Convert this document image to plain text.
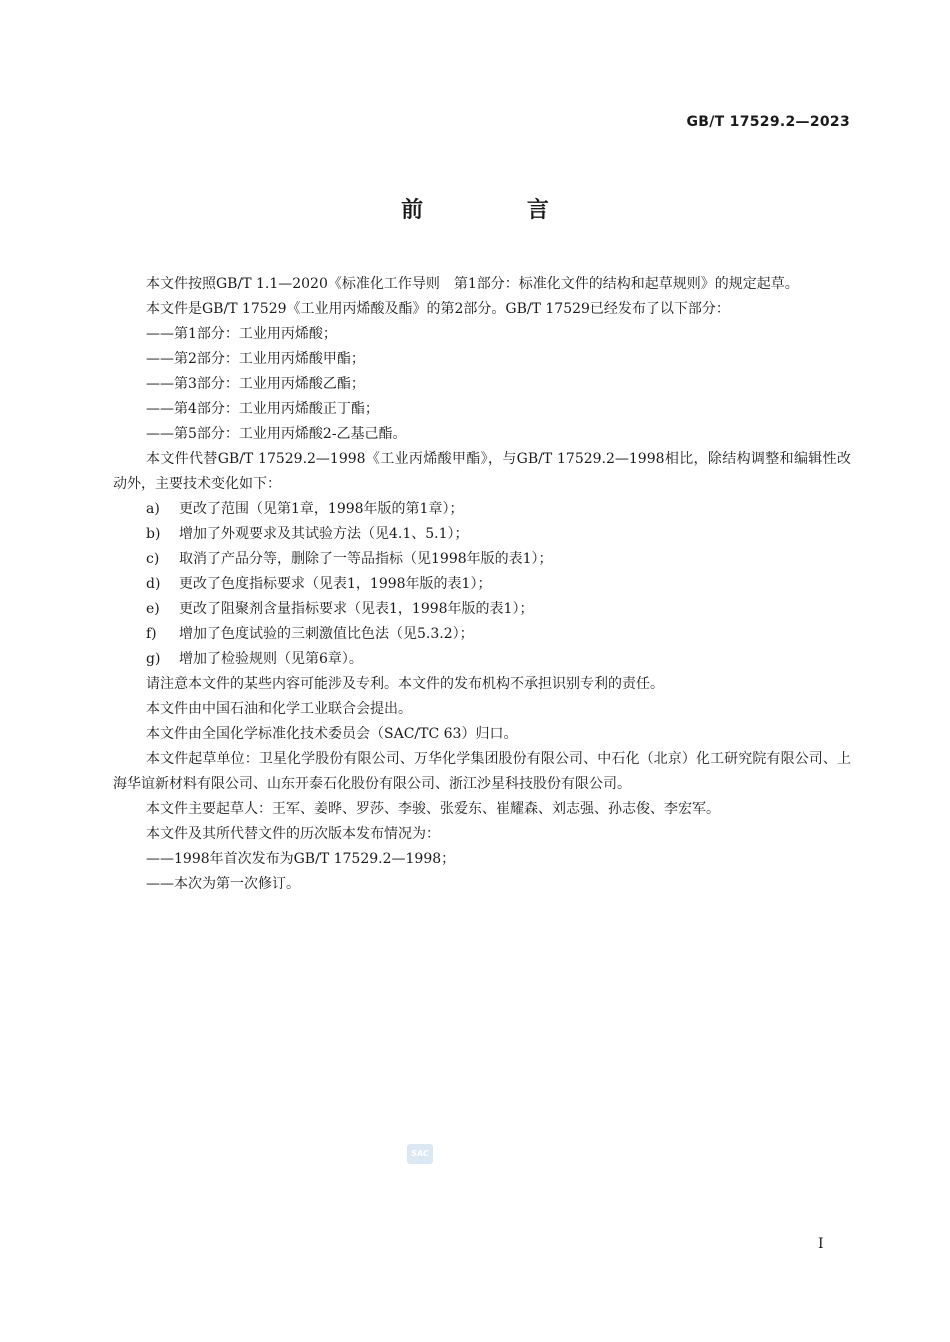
GB/T 17529.2—2023
前 言

本文件按照GB/T 1.1—2020《标准化工作导则　第1部分：标准化文件的结构和起草规则》的规定起草。

本文件是GB/T 17529《工业用丙烯酸及酯》的第2部分。GB/T 17529已经发布了以下部分：

——第1部分：工业用丙烯酸；

——第2部分：工业用丙烯酸甲酯；

——第3部分：工业用丙烯酸乙酯；

——第4部分：工业用丙烯酸正丁酯；

——第5部分：工业用丙烯酸2-乙基己酯。

本文件代替GB/T 17529.2—1998《工业丙烯酸甲酯》，与GB/T 17529.2—1998相比，除结构调整和编辑性改动外，主要技术变化如下：

a)	更改了范围（见第1章，1998年版的第1章）；
b)	增加了外观要求及其试验方法（见4.1、5.1）；
c)	取消了产品分等，删除了一等品指标（见1998年版的表1）；
d)	更改了色度指标要求（见表1，1998年版的表1）；
e)	更改了阻聚剂含量指标要求（见表1，1998年版的表1）；
f)	增加了色度试验的三刺激值比色法（见5.3.2）；
g)	增加了检验规则（见第6章）。

请注意本文件的某些内容可能涉及专利。本文件的发布机构不承担识别专利的责任。

本文件由中国石油和化学工业联合会提出。

本文件由全国化学标准化技术委员会（SAC/TC 63）归口。

本文件起草单位：卫星化学股份有限公司、万华化学集团股份有限公司、中石化（北京）化工研究院有限公司、上海华谊新材料有限公司、山东开泰石化股份有限公司、浙江沙星科技股份有限公司。

本文件主要起草人：王军、姜晔、罗莎、李骏、张爱东、崔耀森、刘志强、孙志俊、李宏军。

本文件及其所代替文件的历次版本发布情况为：

——1998年首次发布为GB/T 17529.2—1998；

——本次为第一次修订。

SAC
I
